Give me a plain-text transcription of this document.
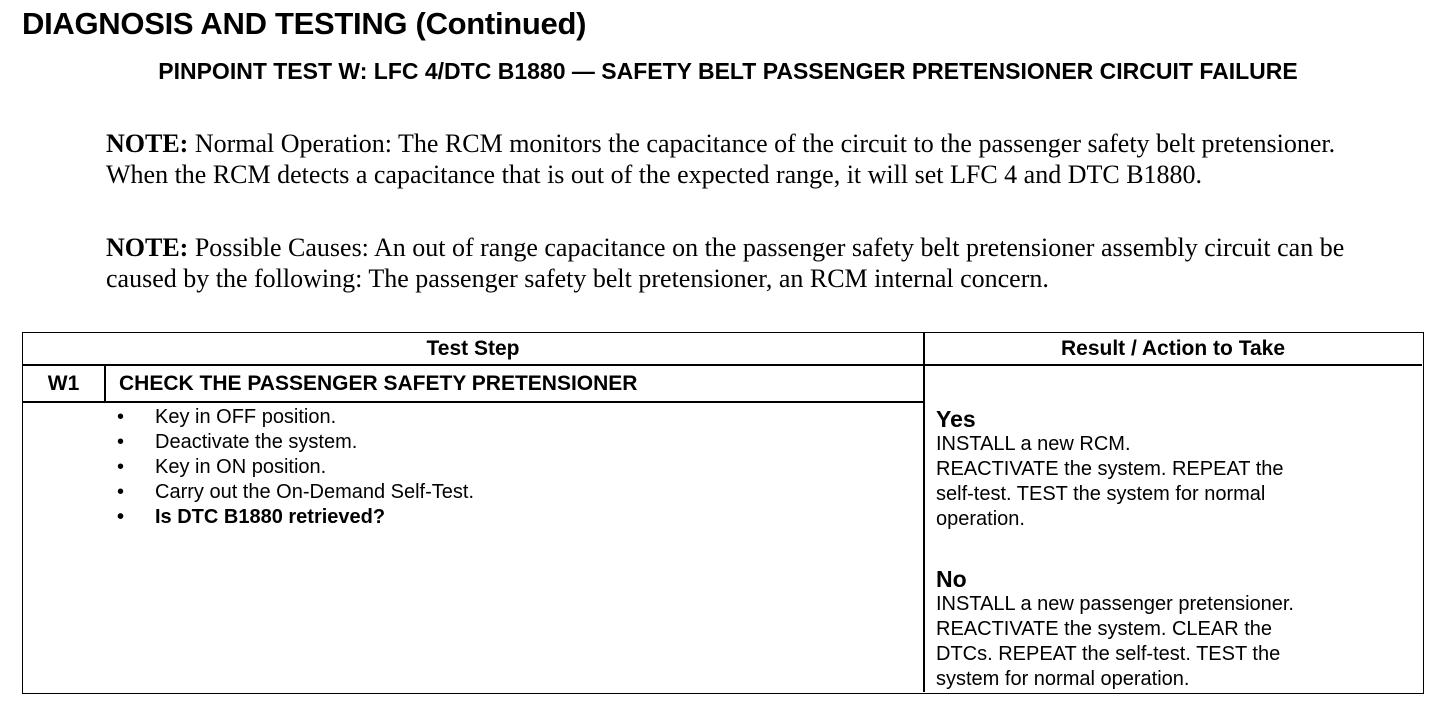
DIAGNOSIS AND TESTING (Continued)
PINPOINT TEST W: LFC 4/DTC B1880 — SAFETY BELT PASSENGER PRETENSIONER CIRCUIT FAILURE
NOTE: Normal Operation: The RCM monitors the capacitance of the circuit to the passenger safety belt pretensioner. When the RCM detects a capacitance that is out of the expected range, it will set LFC 4 and DTC B1880.
NOTE: Possible Causes: An out of range capacitance on the passenger safety belt pretensioner assembly circuit can be caused by the following: The passenger safety belt pretensioner, an RCM internal concern.
Test Step	Result / Action to Take
W1	CHECK THE PASSENGER SAFETY PRETENSIONER
• Key in OFF position.
• Deactivate the system.
• Key in ON position.
• Carry out the On-Demand Self-Test.
• Is DTC B1880 retrieved?
Yes
INSTALL a new RCM.
REACTIVATE the system. REPEAT the
self-test. TEST the system for normal
operation.
No
INSTALL a new passenger pretensioner.
REACTIVATE the system. CLEAR the
DTCs. REPEAT the self-test. TEST the
system for normal operation.
